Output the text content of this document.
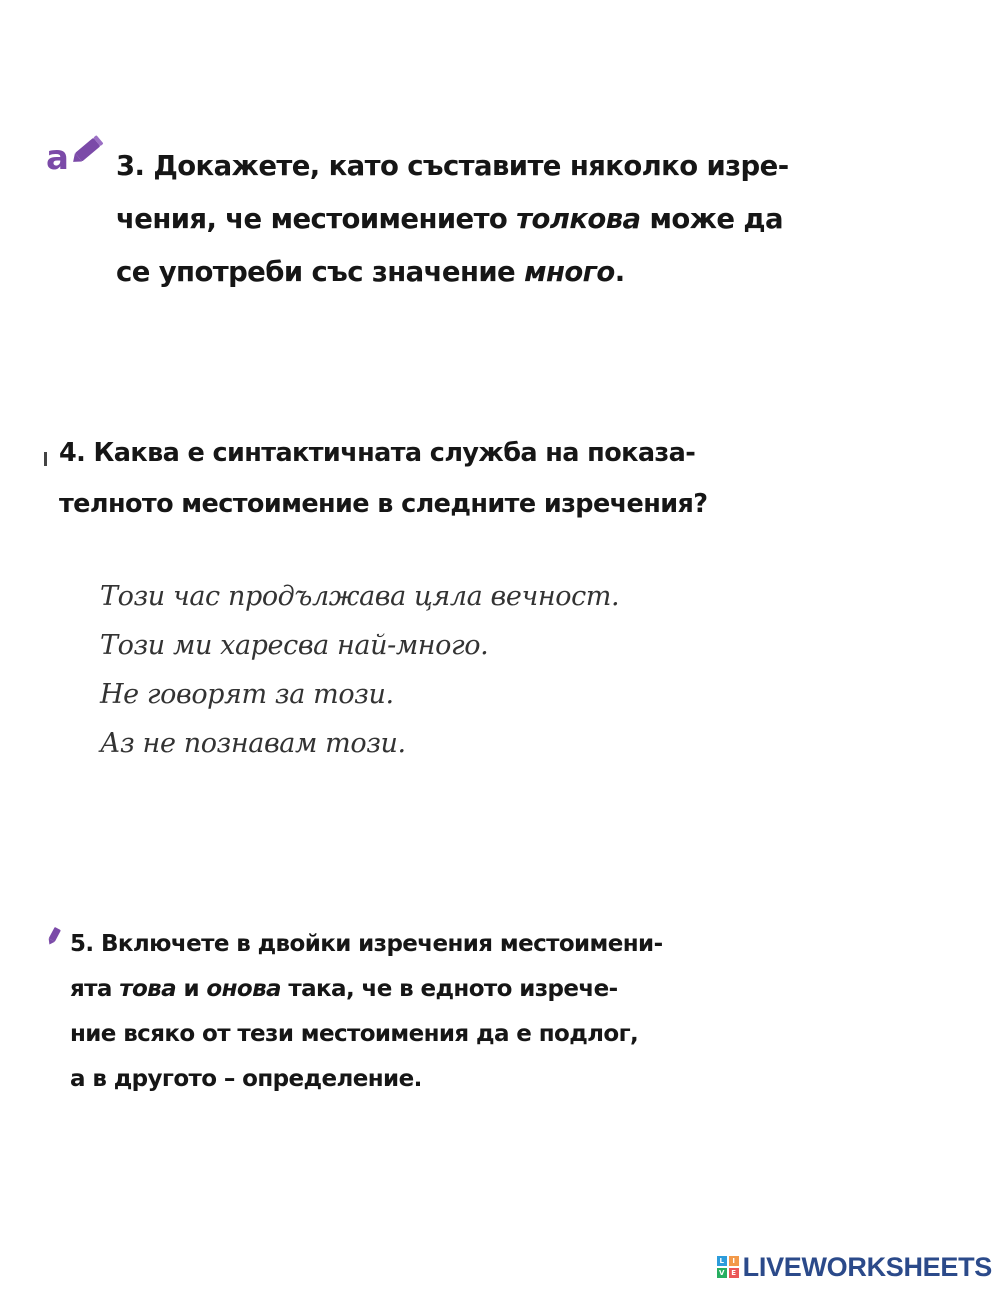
а 3. Докажете, като съставите няколко изре-
чения, че местоимението толкова може да
се употреби със значение много.
4. Каква е синтактичната служба на показа-
телното местоимение в следните изречения?
Този час продължава цяла вечност.
Този ми харесва най-много.
Не говорят за този.
Аз не познавам този.
5. Включете в двойки изречения местоимени-
ята това и онова така, че в едното изрече-
ние всяко от тези местоимения да е подлог,
а в другото – определение.
L	I
V E LIVEWORKSHEETS
